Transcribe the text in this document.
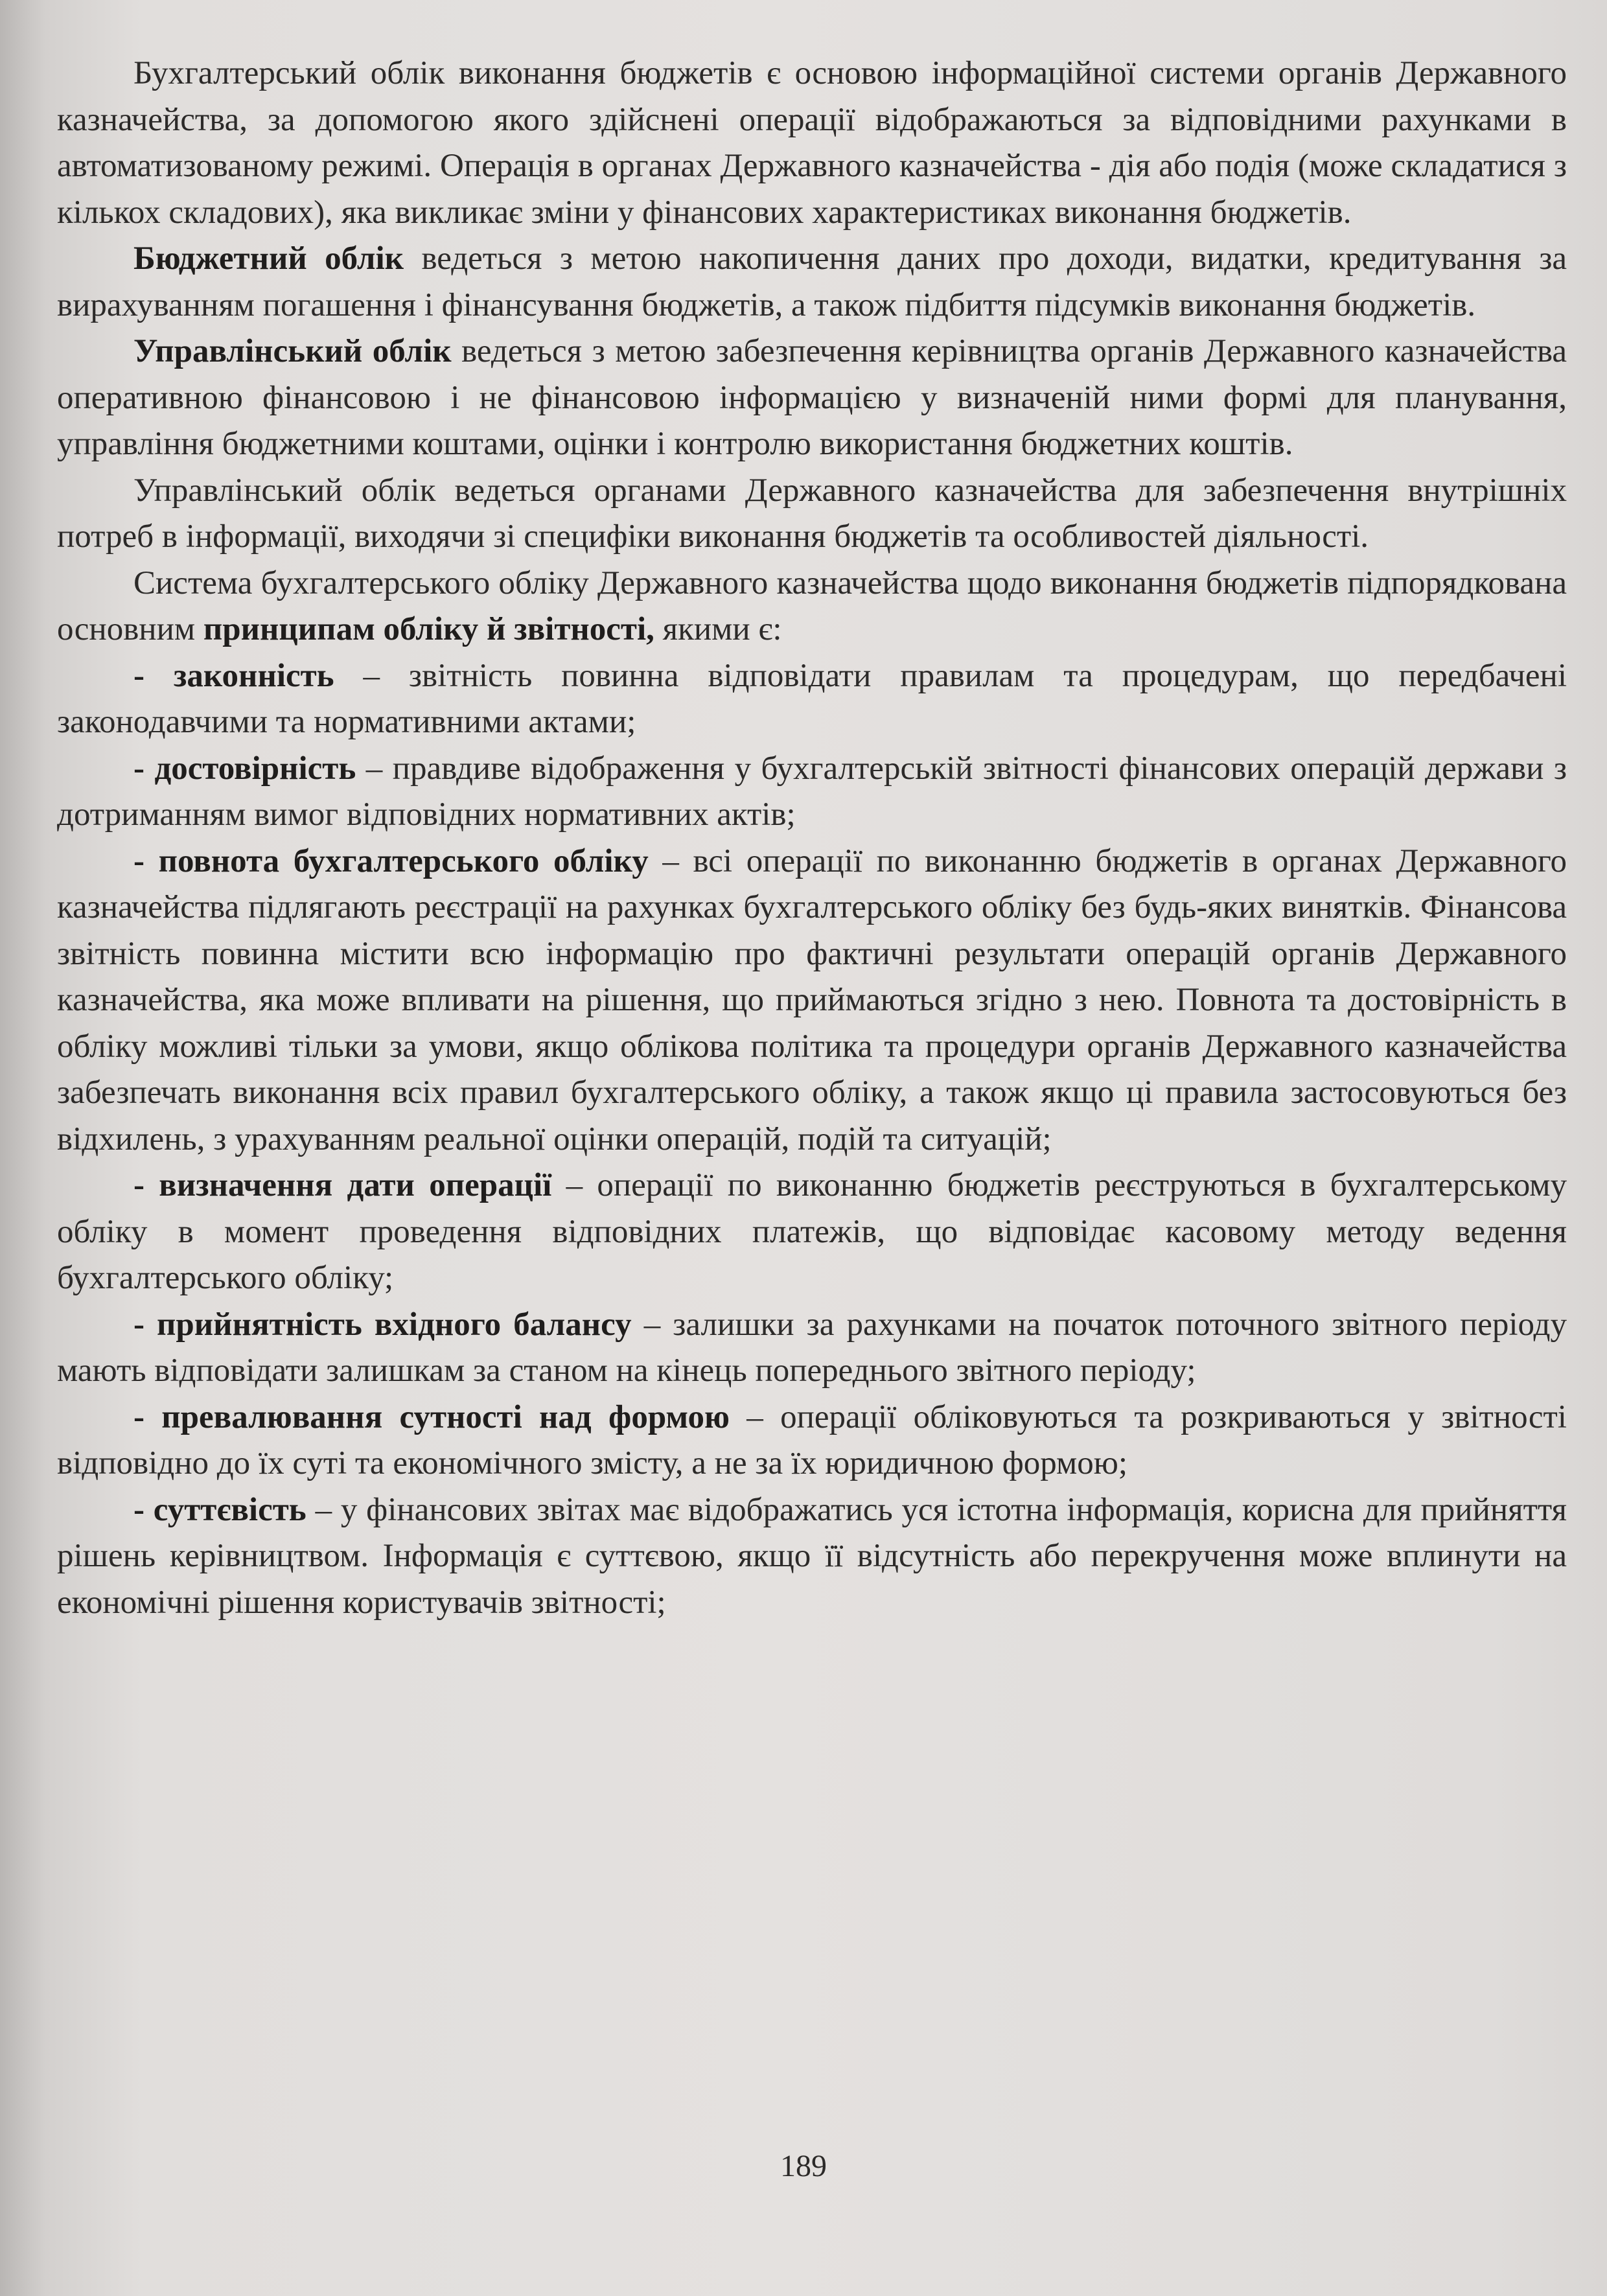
Бухгалтерський облік виконання бюджетів є основою інформаційної системи органів Державного казначейства, за допомогою якого здійснені операції відображаються за відповідними рахунками в автоматизованому режимі. Операція в органах Державного казначейства - дія або подія (може складатися з кількох складових), яка викликає зміни у фінансових характеристиках виконання бюджетів.

Бюджетний облік ведеться з метою накопичення даних про доходи, видатки, кредитування за вирахуванням погашення і фінансування бюджетів, а також підбиття підсумків виконання бюджетів.

Управлінський облік ведеться з метою забезпечення керівництва органів Державного казначейства оперативною фінансовою і не фінансовою інформацією у визначеній ними формі для планування, управління бюджетними коштами, оцінки і контролю використання бюджетних коштів.

Управлінський облік ведеться органами Державного казначейства для забезпечення внутрішніх потреб в інформації, виходячи зі специфіки виконання бюджетів та особливостей діяльності.

Система бухгалтерського обліку Державного казначейства щодо виконання бюджетів підпорядкована основним принципам обліку й звітності, якими є:

- законність – звітність повинна відповідати правилам та процедурам, що передбачені законодавчими та нормативними актами;

- достовірність – правдиве відображення у бухгалтерській звітності фінансових операцій держави з дотриманням вимог відповідних нормативних актів;

- повнота бухгалтерського обліку – всі операції по виконанню бюджетів в органах Державного казначейства підлягають реєстрації на рахунках бухгалтерського обліку без будь-яких винятків. Фінансова звітність повинна містити всю інформацію про фактичні результати операцій органів Державного казначейства, яка може впливати на рішення, що приймаються згідно з нею. Повнота та достовірність в обліку можливі тільки за умови, якщо облікова політика та процедури органів Державного казначейства забезпечать виконання всіх правил бухгалтерського обліку, а також якщо ці правила застосовуються без відхилень, з урахуванням реальної оцінки операцій, подій та ситуацій;

- визначення дати операції – операції по виконанню бюджетів реєструються в бухгалтерському обліку в момент проведення відповідних платежів, що відповідає касовому методу ведення бухгалтерського обліку;

- прийнятність вхідного балансу – залишки за рахунками на початок поточного звітного періоду мають відповідати залишкам за станом на кінець попереднього звітного періоду;

- превалювання сутності над формою – операції обліковуються та розкриваються у звітності відповідно до їх суті та економічного змісту, а не за їх юридичною формою;

- суттєвість – у фінансових звітах має відображатись уся істотна інформація, корисна для прийняття рішень керівництвом. Інформація є суттєвою, якщо її відсутність або перекручення може вплинути на економічні рішення користувачів звітності;

189
